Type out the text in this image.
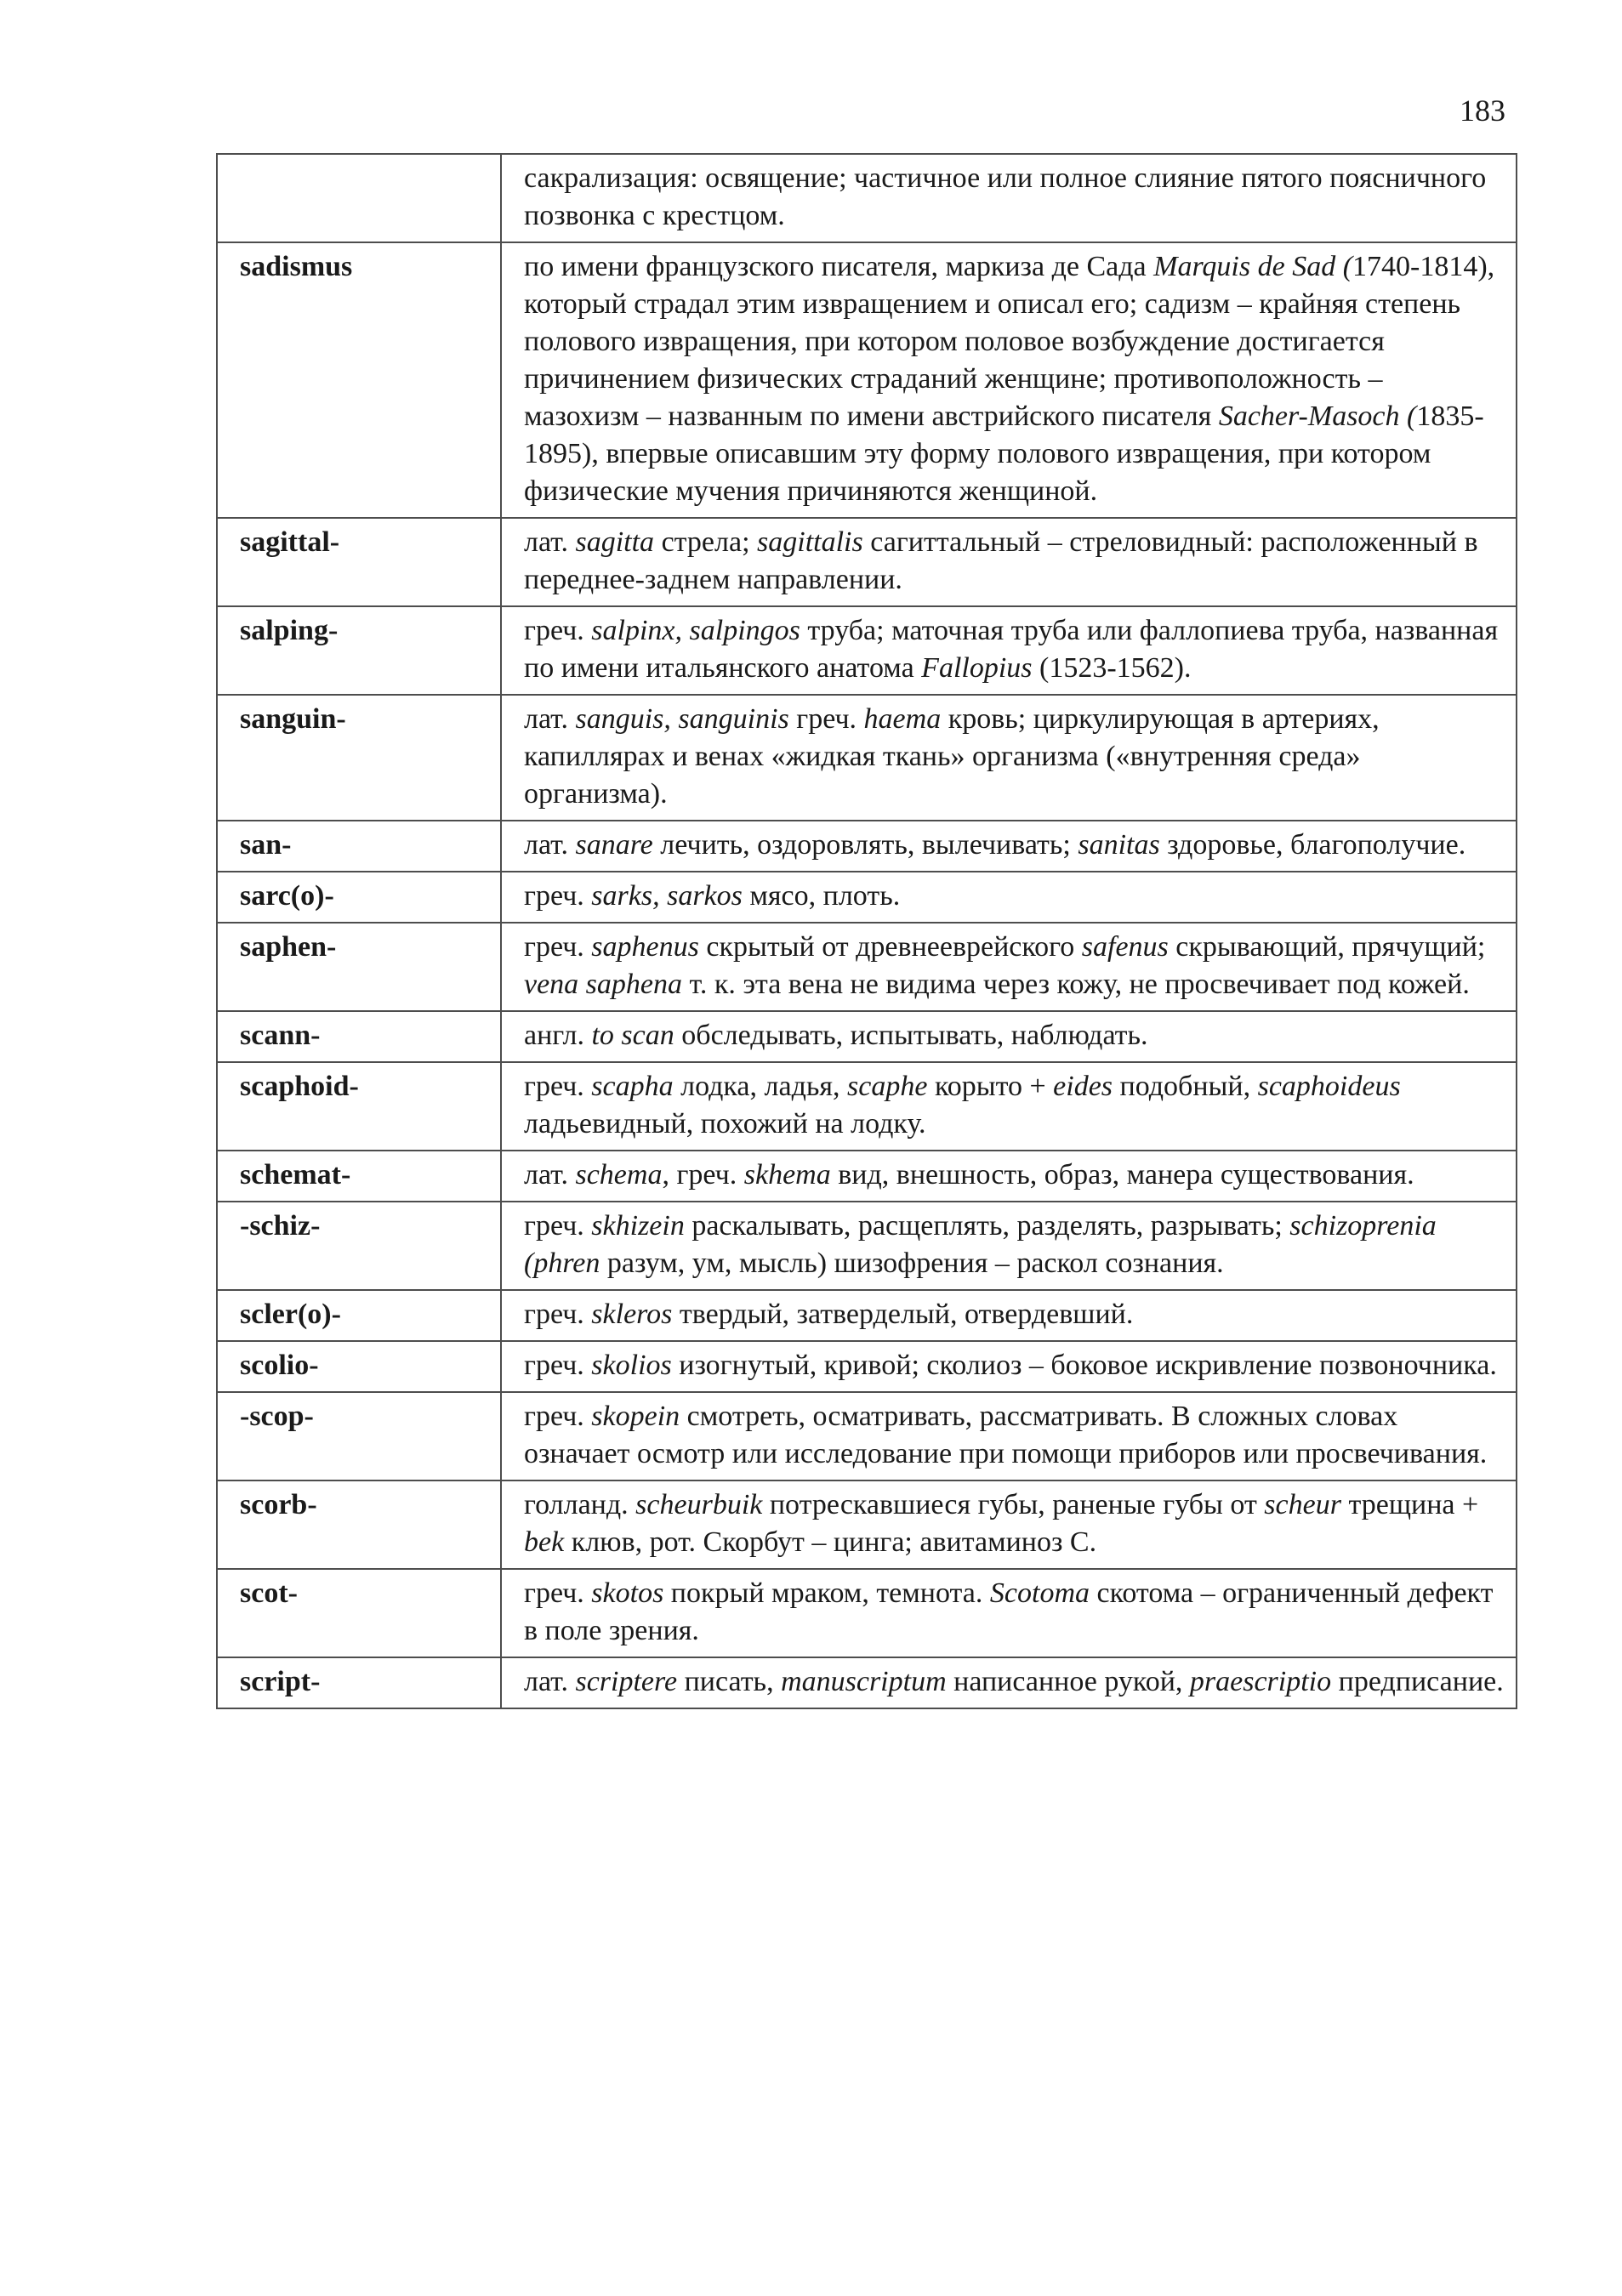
183
	сакрализация: освящение; частичное или полное слияние пятого поясничного позвонка с крестцом.
sadismus	по имени французского писателя, маркиза де Сада Marquis de Sad (1740-1814), который страдал этим извращением и описал его; садизм – крайняя степень полового извращения, при котором половое возбуждение достигается причинением физических страданий женщине; противоположность – мазохизм – названным по имени австрийского писателя Sacher-Masoch (1835-1895), впервые описавшим эту форму полового извращения, при котором физические мучения причиняются женщиной.
sagittal-	лат. sagitta стрела; sagittalis сагиттальный – стреловидный: расположенный в переднее-заднем направлении.
salping-	греч. salpinx, salpingos труба; маточная труба или фаллопиева труба, названная по имени итальянского анатома Fallopius (1523-1562).
sanguin-	лат. sanguis, sanguinis греч. haema кровь; циркулирующая в артериях, капиллярах и венах «жидкая ткань» организма («внутренняя среда» организма).
san-	лат. sanare лечить, оздоровлять, вылечивать; sanitas здоровье, благополучие.
sarc(o)-	греч. sarks, sarkos мясо, плоть.
saphen-	греч. saphenus скрытый от древнееврейского safenus скрывающий, прячущий; vena saphena т. к. эта вена не видима через кожу, не просвечивает под кожей.
scann-	англ. to scan обследывать, испытывать, наблюдать.
scaphoid-	греч. scapha лодка, ладья, scaphe корыто + eides подобный, scaphoideus ладьевидный, похожий на лодку.
schemat-	лат. schema, греч. skhema вид, внешность, образ, манера существования.
-schiz-	греч. skhizein раскалывать, расщеплять, разделять, разрывать; schizoprenia (phren разум, ум, мысль) шизофрения – раскол сознания.
scler(o)-	греч. skleros твердый, затверделый, отвердевший.
scolio-	греч. skolios изогнутый, кривой; сколиоз – боковое искривление позвоночника.
-scop-	греч. skopein смотреть, осматривать, рассматривать. В сложных словах означает осмотр или исследование при помощи приборов или просвечивания.
scorb-	голланд. scheurbuik потрескавшиеся губы, раненые губы от scheur трещина + bek клюв, рот. Скорбут – цинга; авитаминоз С.
scot-	греч. skotos покрый мраком, темнота. Scotoma скотома – ограниченный дефект в поле зрения.
script-	лат. scriptere писать, manuscriptum написанное рукой, praescriptio предписание.
